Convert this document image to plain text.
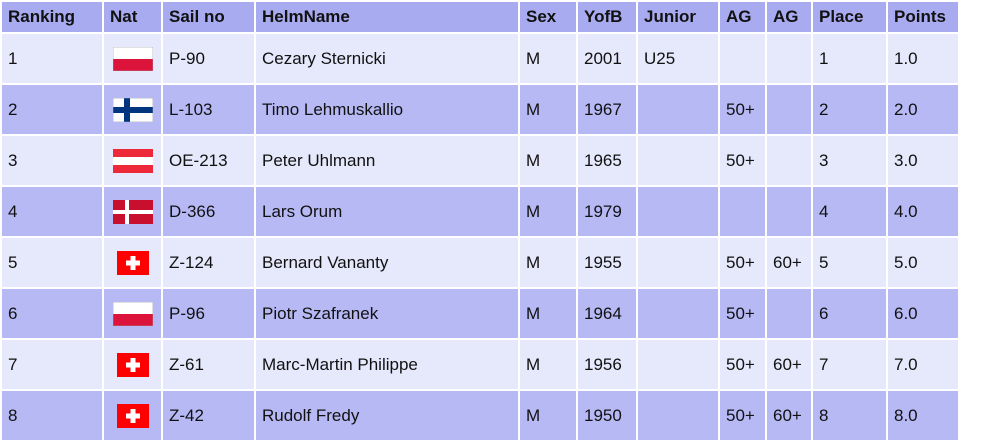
Ranking	Nat	Sail no	HelmName	Sex	YofB	Junior	AG	AG	Place	Points
1		P-90	Cezary Sternicki	M	2001	U25			1	1.0
2		L-103	Timo Lehmuskallio	M	1967		50+		2	2.0
3		OE-213	Peter Uhlmann	M	1965		50+		3	3.0
4		D-366	Lars Orum	M	1979				4	4.0
5		Z-124	Bernard Vananty	M	1955		50+	60+	5	5.0
6		P-96	Piotr Szafranek	M	1964		50+		6	6.0
7		Z-61	Marc-Martin Philippe	M	1956		50+	60+	7	7.0
8		Z-42	Rudolf Fredy	M	1950		50+	60+	8	8.0
